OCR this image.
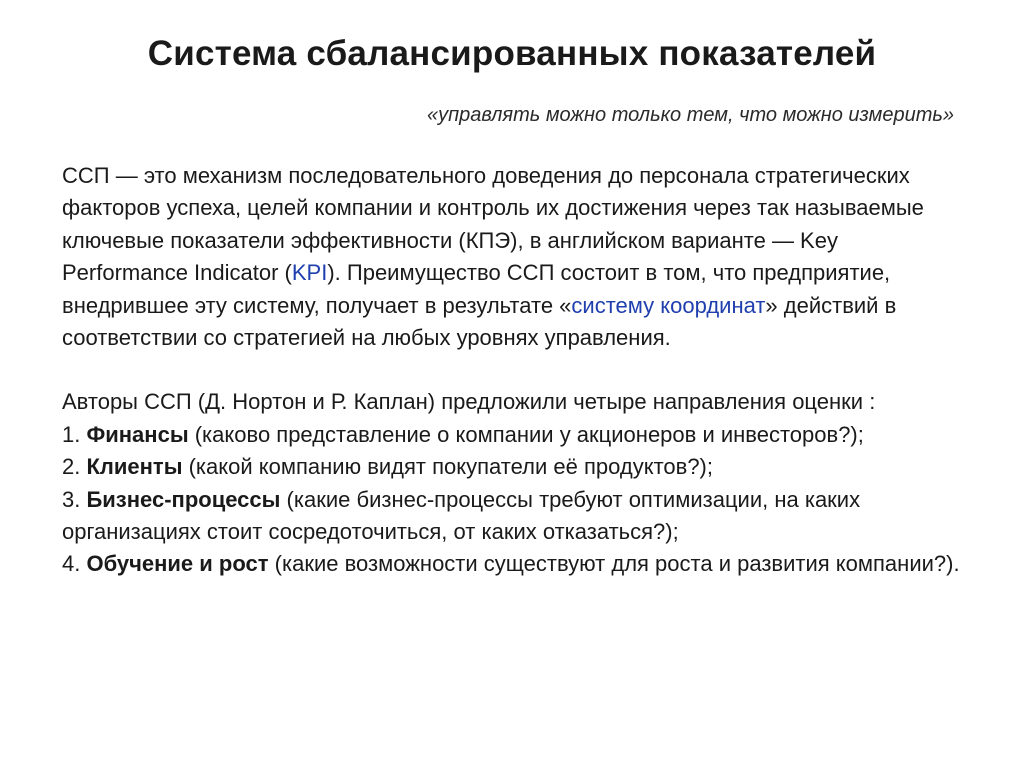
Система сбалансированных показателей
«управлять можно только тем, что можно измерить»

ССП — это механизм последовательного доведения до персонала стратегических факторов успеха, целей компании и контроль их достижения через так называемые ключевые показатели эффективности (КПЭ), в английском варианте — Key Performance Indicator (KPI). Преимущество ССП состоит в том, что предприятие, внедрившее эту систему, получает в результате «систему координат» действий в соответствии со стратегией на любых уровнях управления.

Авторы ССП (Д. Нортон и Р. Каплан) предложили четыре направления оценки :

1. Финансы (каково представление о компании у акционеров и инвесторов?);

2. Клиенты (какой компанию видят покупатели её продуктов?);

3. Бизнес-процессы (какие бизнес-процессы требуют оптимизации, на каких организациях стоит сосредоточиться, от каких отказаться?);

4. Обучение и рост (какие возможности существуют для роста и развития компании?).
